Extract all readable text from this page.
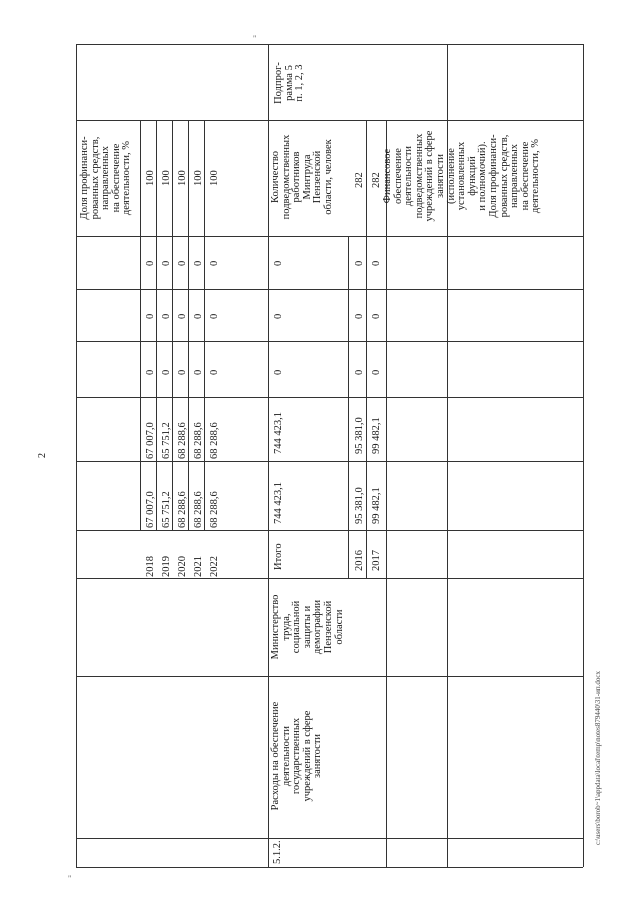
"
"
2
c:\users\borob~1\appdata\local\temp\notes879440\31-ип.docx
Доля профинанси-
рованных средств,
направленных
на обеспечение
деятельности, %
2018 2019 2020 2021 2022
67 007,0 65 751,2 68 288,6 68 288,6 68 288,6
67 007,0 65 751,2 68 288,6 68 288,6 68 288,6
0 0 0 0 0
0 0 0 0 0
0 0 0 0 0
100 100 100 100 100
5.1.2.
Расходы на обеспечение
деятельности
государственных
учреждений в сфере
занятости
Министерство
труда,
социальной
защиты и
демографии
Пензенской
области
Итого
744 423,1
744 423,1
0
0
0
Количество
подведомственных
работников
Минтруда
Пензенской
области, человек
Подпрог-
рамма 5
п. 1, 2, 3
2016 2017
95 381,0 99 482,1
95 381,0 99 482,1
0 0
0 0
0 0
282 282 Финансовое
обеспечение
деятельности
подведомственных
учреждений в сфере
занятости
(исполнение
установленных
функций
и полномочий).
Доля профинанси-
рованных средств,
направленных
на обеспечение
деятельности, %
